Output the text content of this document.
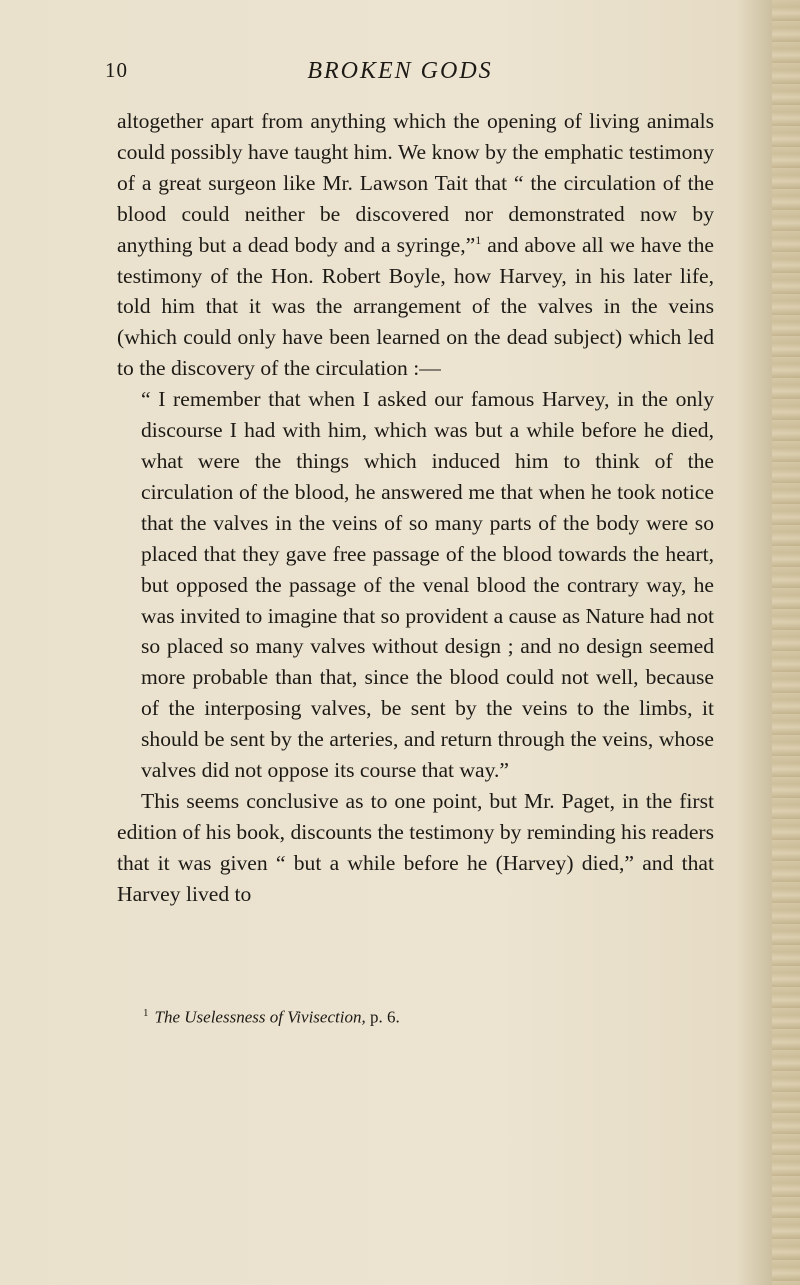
10	BROKEN GODS

altogether apart from anything which the opening of living animals could possibly have taught him. We know by the emphatic testimony of a great surgeon like Mr. Lawson Tait that “ the circulation of the blood could neither be discovered nor demonstrated now by anything but a dead body and a syringe,”$^1$ and above all we have the testimony of the Hon. Robert Boyle, how Harvey, in his later life, told him that it was the arrangement of the valves in the veins (which could only have been learned on the dead subject) which led to the discovery of the circulation :—

“ I remember that when I asked our famous Harvey, in the only discourse I had with him, which was but a while before he died, what were the things which induced him to think of the circulation of the blood, he answered me that when he took notice that the valves in the veins of so many parts of the body were so placed that they gave free passage of the blood towards the heart, but opposed the passage of the venal blood the contrary way, he was invited to imagine that so provident a cause as Nature had not so placed so many valves without design ; and no design seemed more probable than that, since the blood could not well, because of the interposing valves, be sent by the veins to the limbs, it should be sent by the arteries, and return through the veins, whose valves did not oppose its course that way.”

This seems conclusive as to one point, but Mr. Paget, in the first edition of his book, discounts the testimony by reminding his readers that it was given “ but a while before he (Harvey) died,” and that Harvey lived to

$^1$ The Uselessness of Vivisection, p. 6.
